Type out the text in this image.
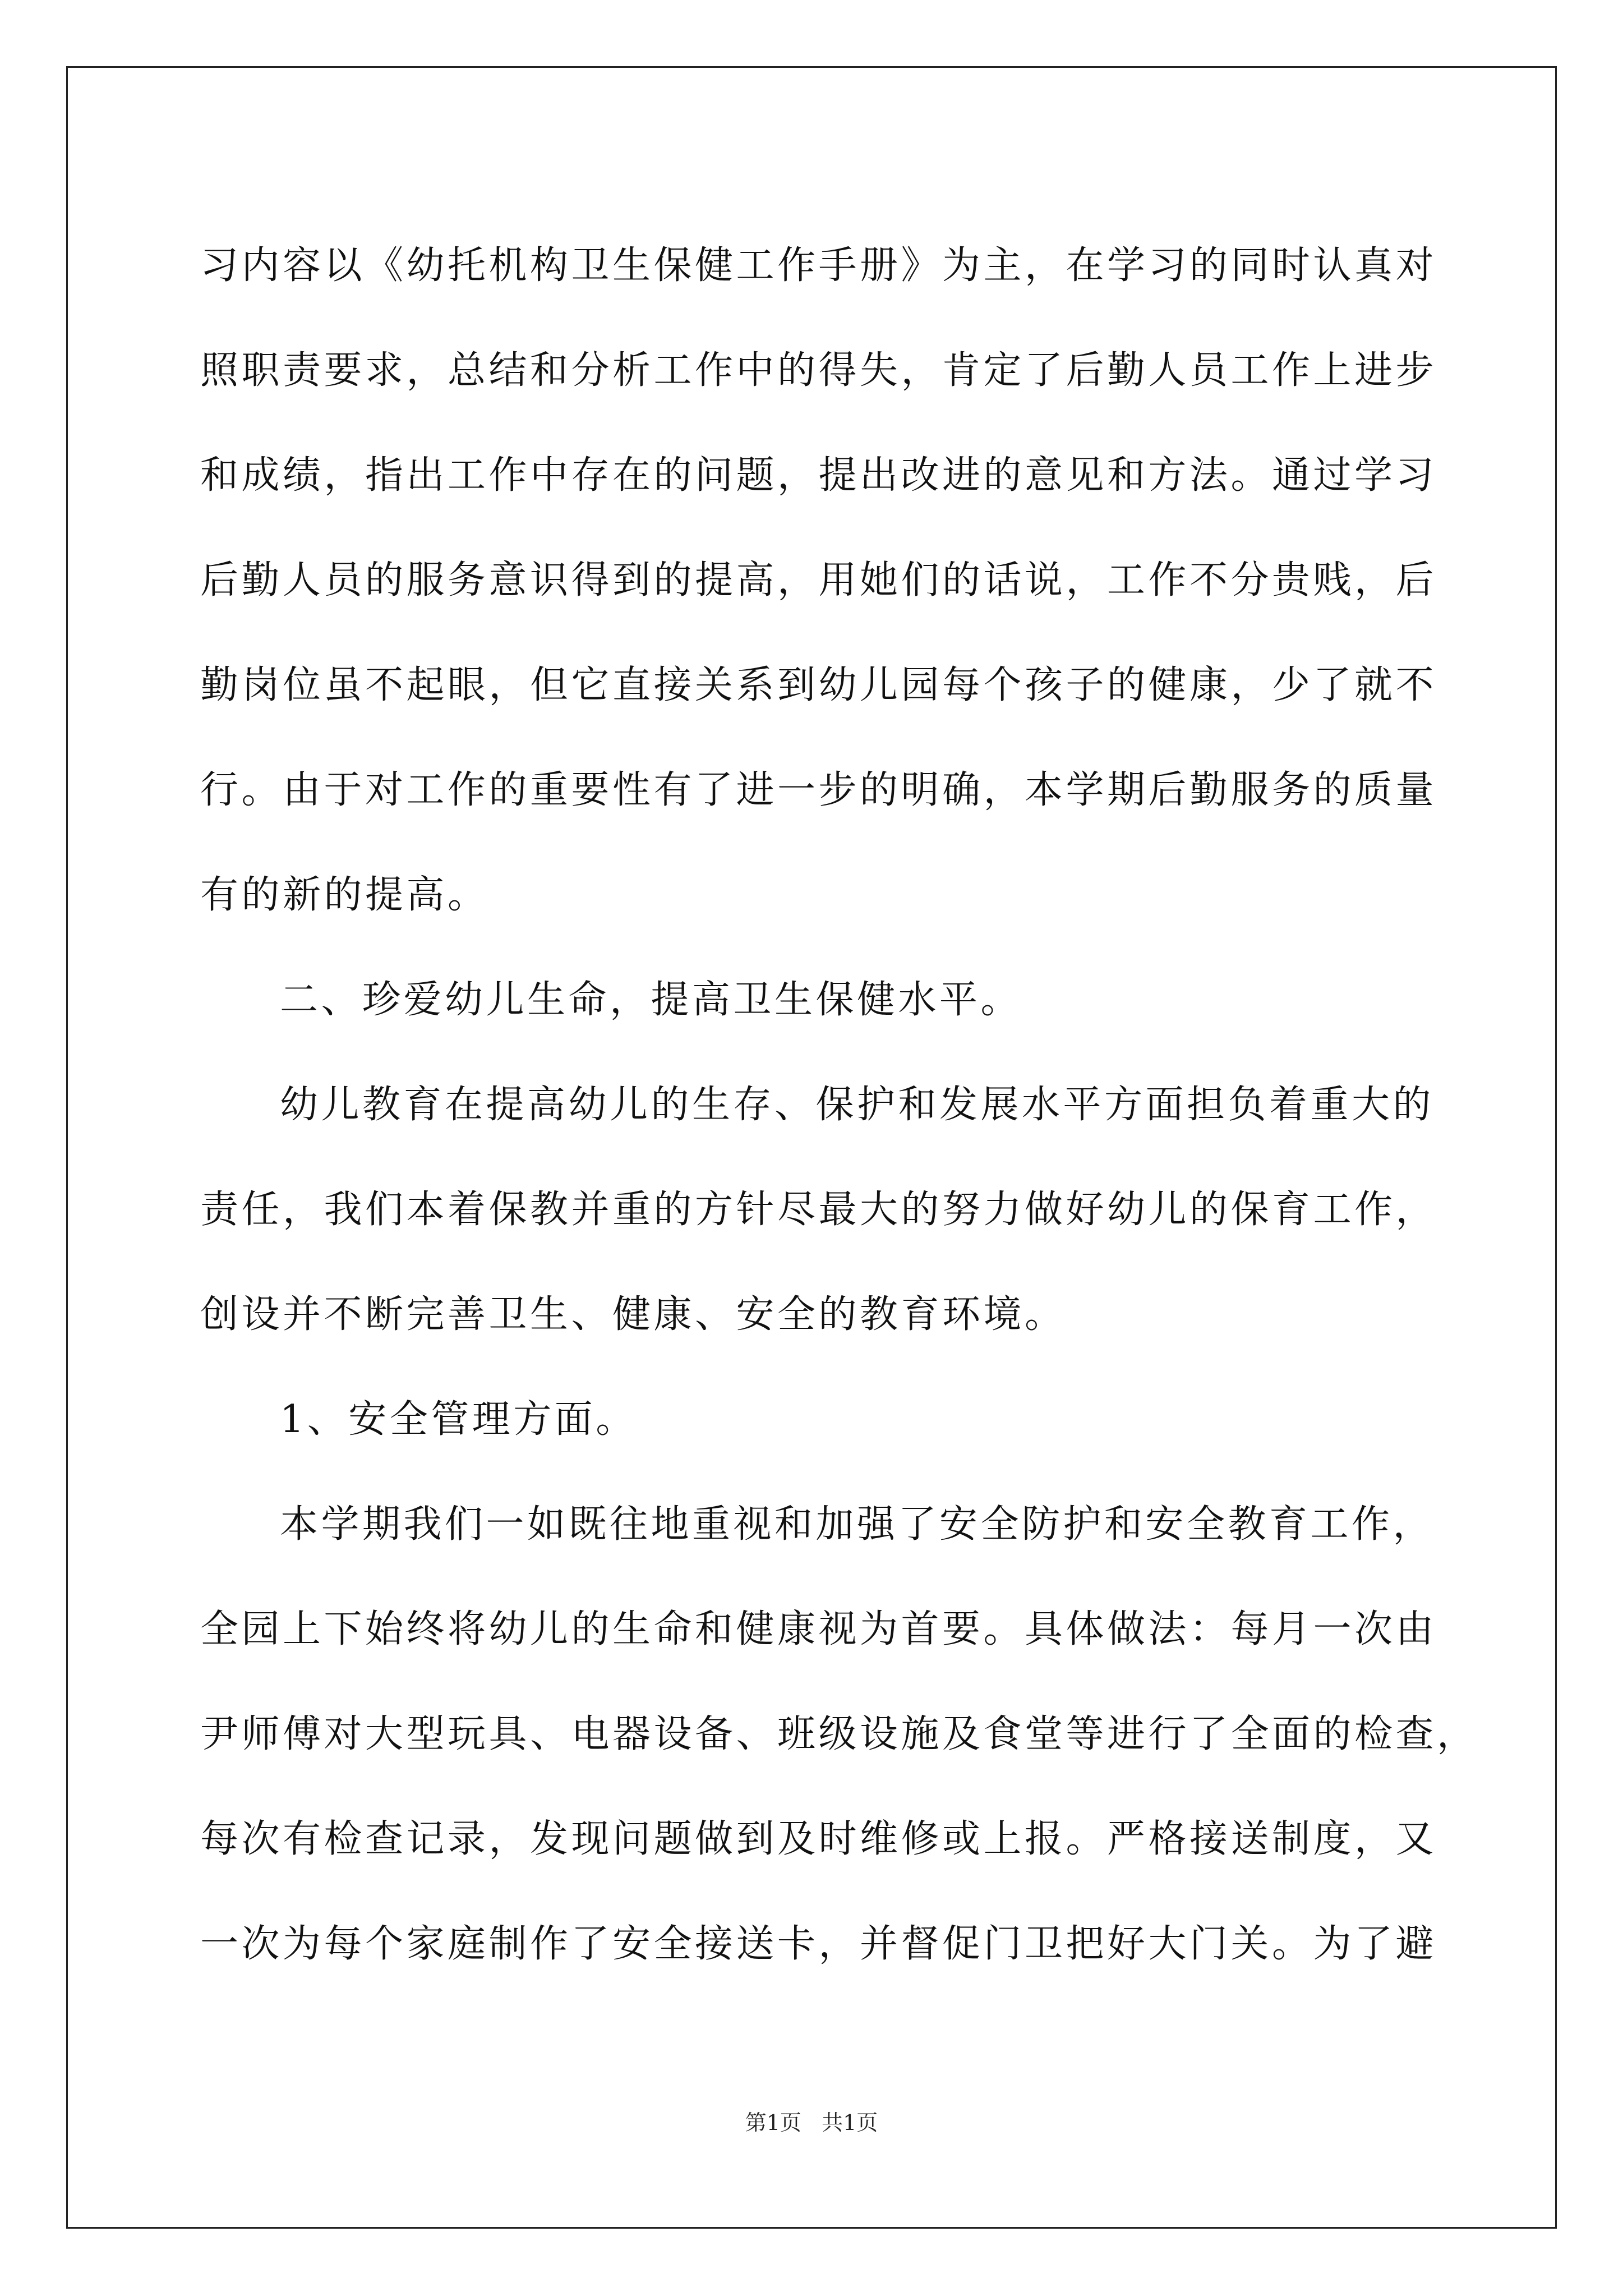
习内容以《幼托机构卫生保健工作手册》为主，在学习的同时认真对
照职责要求，总结和分析工作中的得失，肯定了后勤人员工作上进步
和成绩，指出工作中存在的问题，提出改进的意见和方法。通过学习
后勤人员的服务意识得到的提高，用她们的话说，工作不分贵贱，后
勤岗位虽不起眼，但它直接关系到幼儿园每个孩子的健康，少了就不
行。由于对工作的重要性有了进一步的明确，本学期后勤服务的质量
有的新的提高。
二、珍爱幼儿生命，提高卫生保健水平。
幼儿教育在提高幼儿的生存、保护和发展水平方面担负着重大的
责任，我们本着保教并重的方针尽最大的努力做好幼儿的保育工作，
创设并不断完善卫生、健康、安全的教育环境。
1、安全管理方面。
本学期我们一如既往地重视和加强了安全防护和安全教育工作，
全园上下始终将幼儿的生命和健康视为首要。具体做法：每月一次由
尹师傅对大型玩具、电器设备、班级设施及食堂等进行了全面的检查，
每次有检查记录，发现问题做到及时维修或上报。严格接送制度，又
一次为每个家庭制作了安全接送卡，并督促门卫把好大门关。为了避
第1页   共1页
